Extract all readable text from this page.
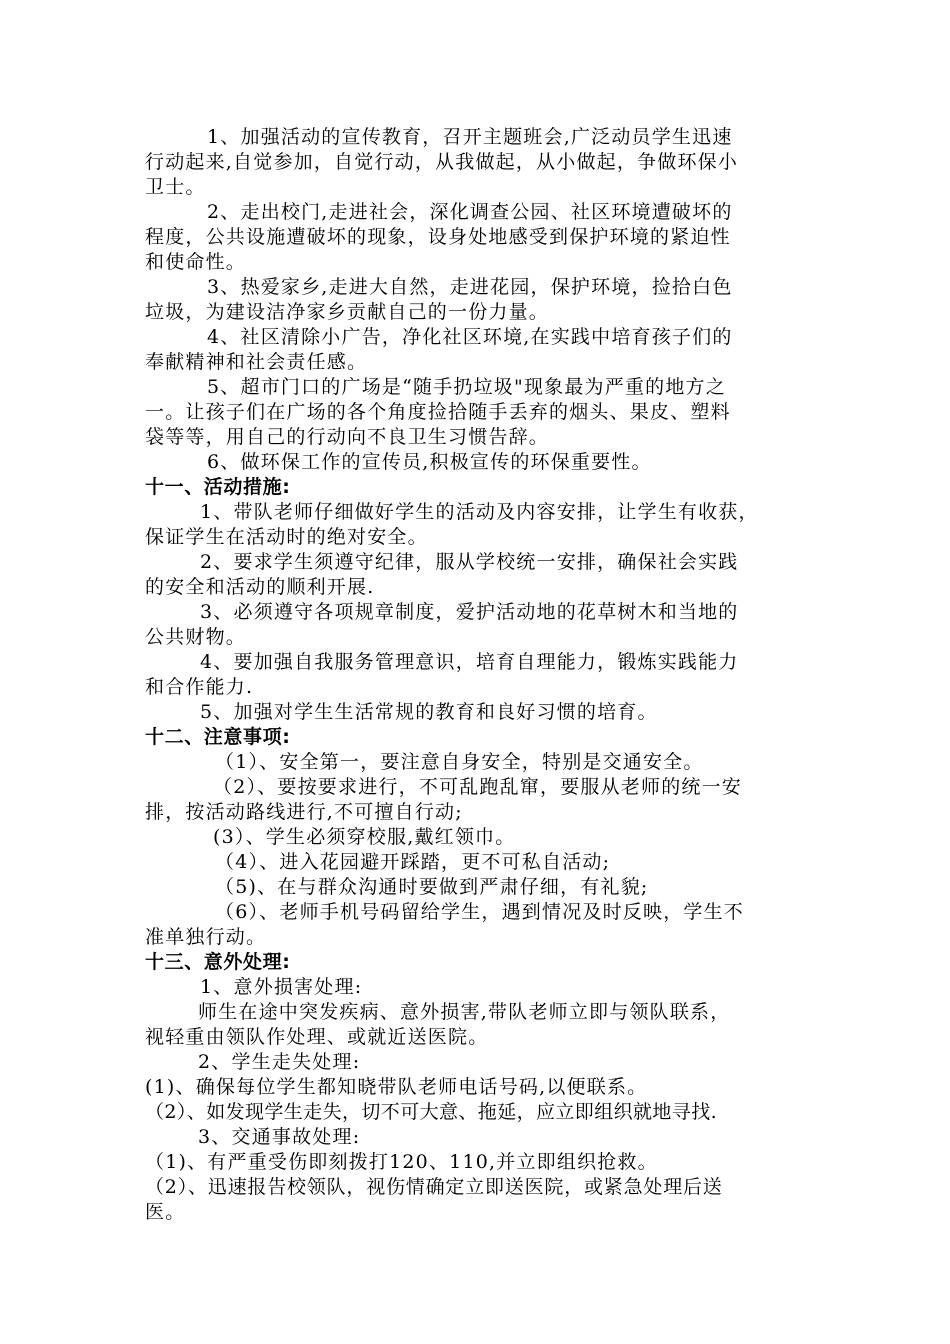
1、加强活动的宣传教育，召开主题班会,广泛动员学生迅速
行动起来,自觉参加，自觉行动，从我做起，从小做起，争做环保小
卫士。
2、走出校门,走进社会，深化调查公园、社区环境遭破坏的
程度，公共设施遭破坏的现象，设身处地感受到保护环境的紧迫性
和使命性。
3、热爱家乡,走进大自然，走进花园，保护环境，捡拾白色
垃圾，为建设洁净家乡贡献自己的一份力量。
4、社区清除小广告，净化社区环境,在实践中培育孩子们的
奉献精神和社会责任感。
5、超市门口的广场是“随手扔垃圾"现象最为严重的地方之
一。让孩子们在广场的各个角度捡拾随手丢弃的烟头、果皮、塑料
袋等等，用自己的行动向不良卫生习惯告辞。
6、做环保工作的宣传员,积极宣传的环保重要性。
十一、活动措施:
1、带队老师仔细做好学生的活动及内容安排，让学生有收获，
保证学生在活动时的绝对安全。
2、要求学生须遵守纪律，服从学校统一安排，确保社会实践
的安全和活动的顺利开展.
3、必须遵守各项规章制度，爱护活动地的花草树木和当地的
公共财物。
4、要加强自我服务管理意识，培育自理能力，锻炼实践能力
和合作能力.
5、加强对学生生活常规的教育和良好习惯的培育。
十二、注意事项:
（1）、安全第一，要注意自身安全，特别是交通安全。
（2）、要按要求进行，不可乱跑乱窜，要服从老师的统一安
排，按活动路线进行,不可擅自行动;
(3）、学生必须穿校服,戴红领巾。
（4）、进入花园避开踩踏，更不可私自活动;
（5)、在与群众沟通时要做到严肃仔细，有礼貌;
（6）、老师手机号码留给学生，遇到情况及时反映，学生不
准单独行动。
十三、意外处理:
1、意外损害处理:
师生在途中突发疾病、意外损害,带队老师立即与领队联系，
视轻重由领队作处理、或就近送医院。
2、学生走失处理:
(1)、确保每位学生都知晓带队老师电话号码,以便联系。
（2）、如发现学生走失，切不可大意、拖延，应立即组织就地寻找.
3、交通事故处理:
（1)、有严重受伤即刻拨打120、110,并立即组织抢救。
（2）、迅速报告校领队，视伤情确定立即送医院，或紧急处理后送
医。
